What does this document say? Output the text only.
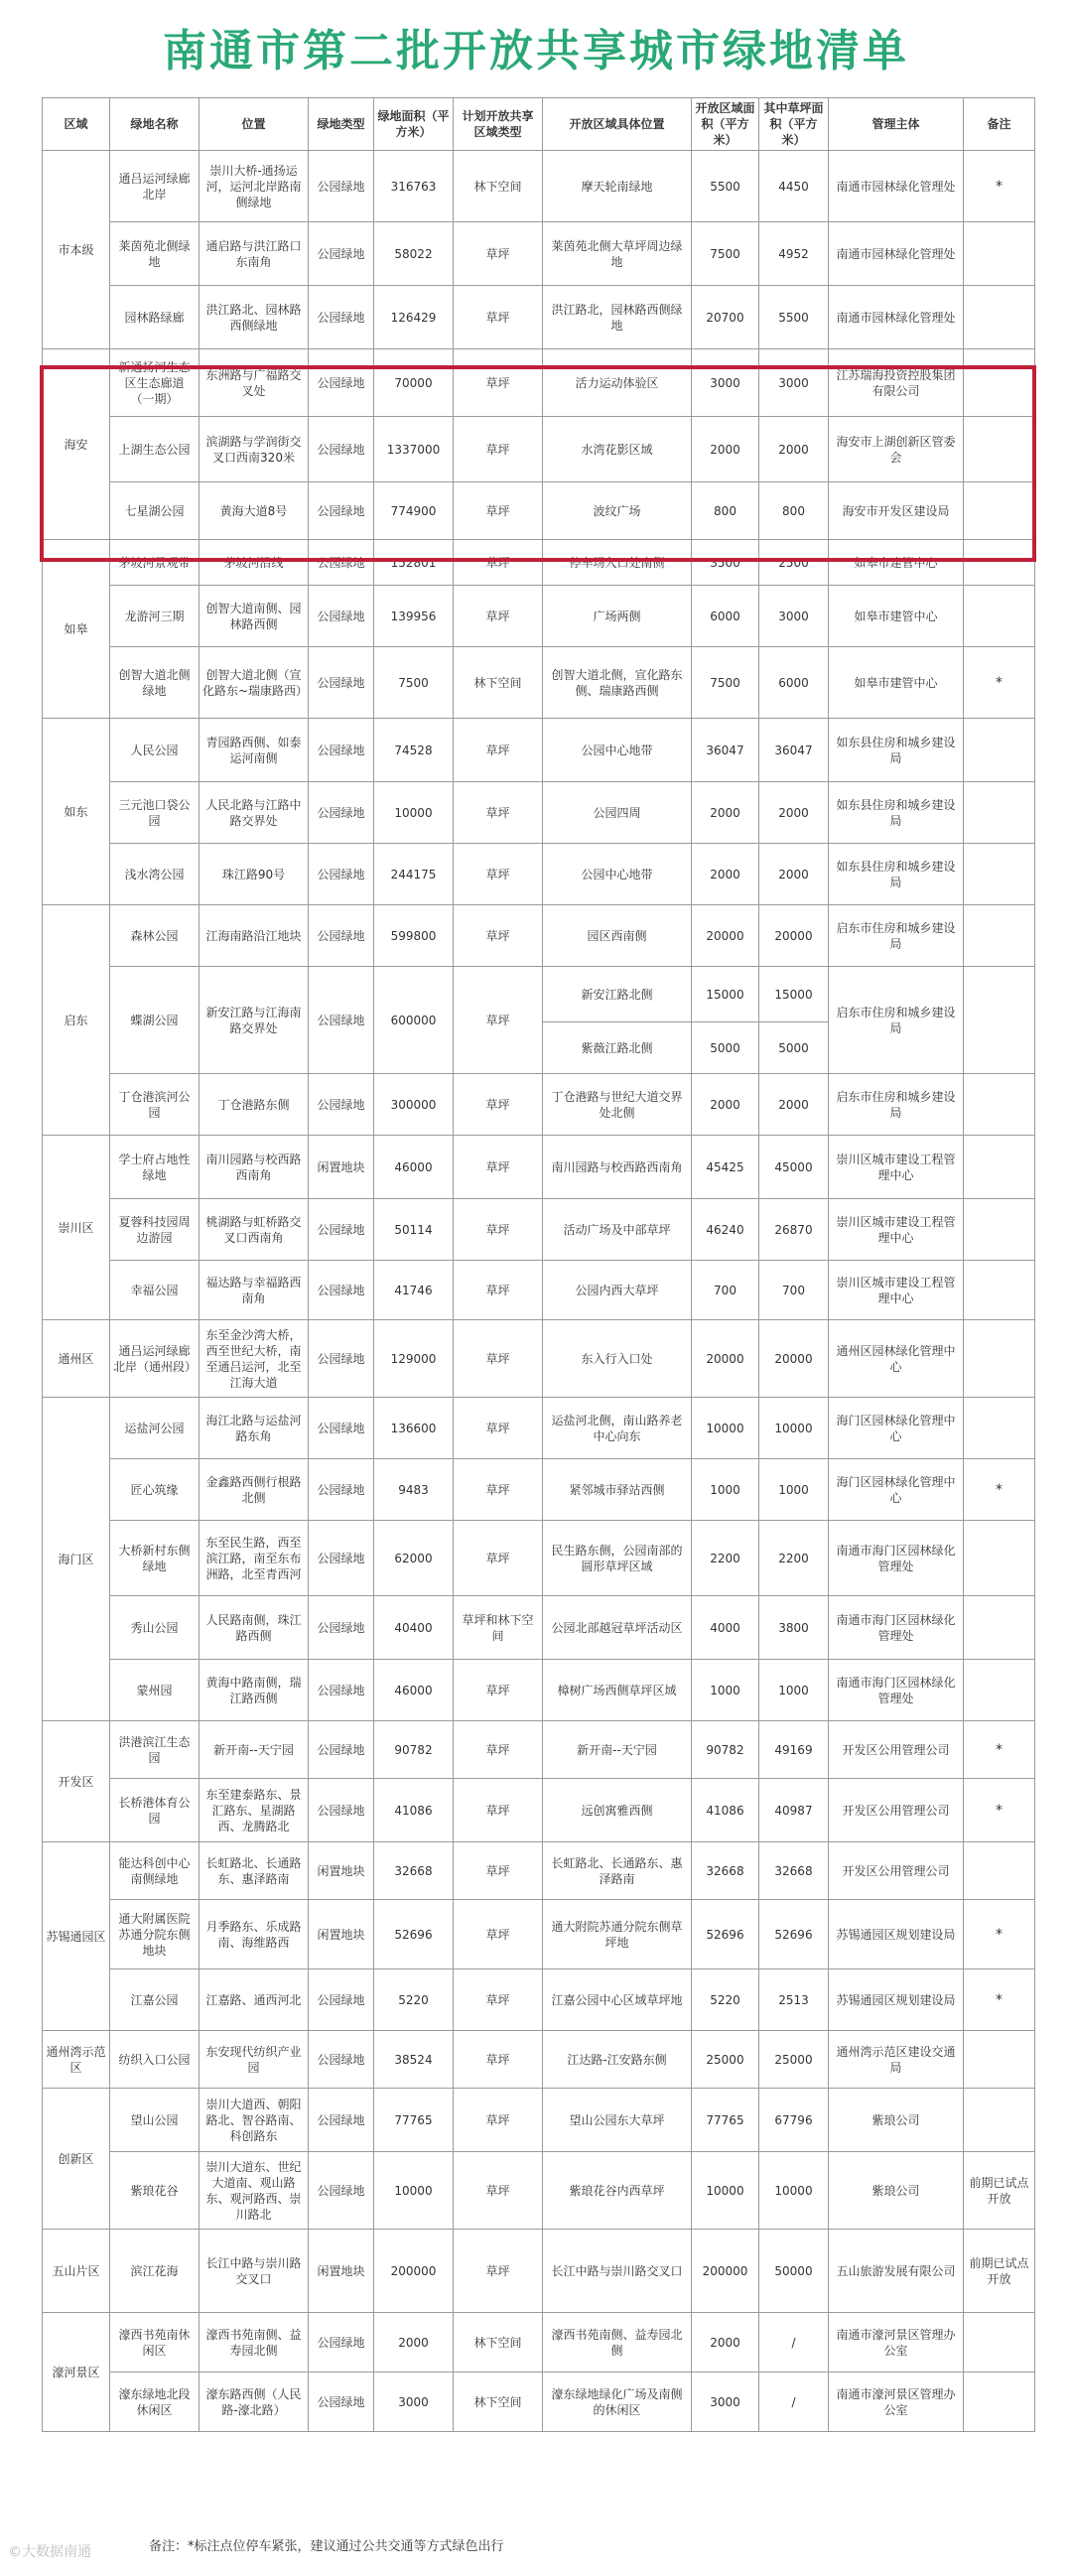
南通市第二批开放共享城市绿地清单
区域	绿地名称	位置	绿地类型	绿地面积（平方米）	计划开放共享区域类型	开放区域具体位置	开放区域面积（平方米）	其中草坪面积（平方米）	管理主体	备注
市本级	通吕运河绿廊北岸	崇川大桥-通扬运河，运河北岸路南侧绿地	公园绿地	316763	林下空间	摩天轮南绿地	5500	4450	南通市园林绿化管理处	*
	莱茵苑北侧绿地	通启路与洪江路口东南角	公园绿地	58022	草坪	莱茵苑北侧大草坪周边绿地	7500	4952	南通市园林绿化管理处	
	园林路绿廊	洪江路北、园林路西侧绿地	公园绿地	126429	草坪	洪江路北，园林路西侧绿地	20700	5500	南通市园林绿化管理处	
海安	新通扬河生态区生态廊道（一期）	东洲路与广福路交叉处	公园绿地	70000	草坪	活力运动体验区	3000	3000	江苏瑞海投资控股集团有限公司	
	上湖生态公园	滨湖路与学润街交叉口西南320米	公园绿地	1337000	草坪	水湾花影区域	2000	2000	海安市上湖创新区管委会	
	七星湖公园	黄海大道8号	公园绿地	774900	草坪	波纹广场	800	800	海安市开发区建设局	
如皋	茅坡河景观带	茅坡河沿线	公园绿地	152801	草坪	停车场入口处南侧	3500	2500	如皋市建管中心	
	龙游河三期	创智大道南侧、园林路西侧	公园绿地	139956	草坪	广场两侧	6000	3000	如皋市建管中心	
	创智大道北侧绿地	创智大道北侧（宣化路东~瑞康路西）	公园绿地	7500	林下空间	创智大道北侧，宣化路东侧、瑞康路西侧	7500	6000	如皋市建管中心	*
如东	人民公园	青园路西侧、如泰运河南侧	公园绿地	74528	草坪	公园中心地带	36047	36047	如东县住房和城乡建设局	
	三元池口袋公园	人民北路与江路中路交界处	公园绿地	10000	草坪	公园四周	2000	2000	如东县住房和城乡建设局	
	浅水湾公园	珠江路90号	公园绿地	244175	草坪	公园中心地带	2000	2000	如东县住房和城乡建设局	
启东	森林公园	江海南路沿江地块	公园绿地	599800	草坪	园区西南侧	20000	20000	启东市住房和城乡建设局	
	蝶湖公园	新安江路与江海南路交界处	公园绿地	600000	草坪	新安江路北侧	15000	15000	启东市住房和城乡建设局	
						紫薇江路北侧	5000	5000		
	丁仓港滨河公园	丁仓港路东侧	公园绿地	300000	草坪	丁仓港路与世纪大道交界处北侧	2000	2000	启东市住房和城乡建设局	
崇川区	学士府占地性绿地	南川园路与校西路西南角	闲置地块	46000	草坪	南川园路与校西路西南角	45425	45000	崇川区城市建设工程管理中心	
	夏蓉科技园周边游园	桃湖路与虹桥路交叉口西南角	公园绿地	50114	草坪	活动广场及中部草坪	46240	26870	崇川区城市建设工程管理中心	
	幸福公园	福达路与幸福路西南角	公园绿地	41746	草坪	公园内西大草坪	700	700	崇川区城市建设工程管理中心	
通州区	通吕运河绿廊北岸（通州段）	东至金沙湾大桥，西至世纪大桥，南至通吕运河，北至江海大道	公园绿地	129000	草坪	东入行入口处	20000	20000	通州区园林绿化管理中心	
海门区	运盐河公园	海江北路与运盐河路东角	公园绿地	136600	草坪	运盐河北侧，南山路养老中心向东	10000	10000	海门区园林绿化管理中心	
	匠心筑缘	金鑫路西侧行根路北侧	公园绿地	9483	草坪	紧邻城市驿站西侧	1000	1000	海门区园林绿化管理中心	*
	大桥新村东侧绿地	东至民生路，西至滨江路，南至东布洲路，北至青西河	公园绿地	62000	草坪	民生路东侧，公园南部的圆形草坪区域	2200	2200	南通市海门区园林绿化管理处	
	秀山公园	人民路南侧，珠江路西侧	公园绿地	40400	草坪和林下空间	公园北部越冠草坪活动区	4000	3800	南通市海门区园林绿化管理处	
	蒙州园	黄海中路南侧，瑞江路西侧	公园绿地	46000	草坪	樟树广场西侧草坪区域	1000	1000	南通市海门区园林绿化管理处	
开发区	洪港滨江生态园	新开南--天宁园	公园绿地	90782	草坪	新开南--天宁园	90782	49169	开发区公用管理公司	*
	长桥港体育公园	东至建泰路东、景汇路东、星湖路西、龙腾路北	公园绿地	41086	草坪	远创寓雅西侧	41086	40987	开发区公用管理公司	*
苏锡通园区	能达科创中心南侧绿地	长虹路北、长通路东、惠泽路南	闲置地块	32668	草坪	长虹路北、长通路东、惠泽路南	32668	32668	开发区公用管理公司	
	通大附属医院苏通分院东侧地块	月季路东、乐成路南、海维路西	闲置地块	52696	草坪	通大附院苏通分院东侧草坪地	52696	52696	苏锡通园区规划建设局	*
	江嘉公园	江嘉路、通西河北	公园绿地	5220	草坪	江嘉公园中心区域草坪地	5220	2513	苏锡通园区规划建设局	*
通州湾示范区	纺织入口公园	东安现代纺织产业园	公园绿地	38524	草坪	江达路-江安路东侧	25000	25000	通州湾示范区建设交通局	
创新区	望山公园	崇川大道西、朝阳路北、智谷路南、科创路东	公园绿地	77765	草坪	望山公园东大草坪	77765	67796	紫琅公司	
	紫琅花谷	崇川大道东、世纪大道南、观山路东、观河路西、崇川路北	公园绿地	10000	草坪	紫琅花谷内西草坪	10000	10000	紫琅公司	前期已试点开放
五山片区	滨江花海	长江中路与崇川路交叉口	闲置地块	200000	草坪	长江中路与崇川路交叉口	200000	50000	五山旅游发展有限公司	前期已试点开放
濠河景区	濠西书苑南休闲区	濠西书苑南侧、益寿园北侧	公园绿地	2000	林下空间	濠西书苑南侧、益寿园北侧	2000	/	南通市濠河景区管理办公室	
	濠东绿地北段休闲区	濠东路西侧（人民路-濠北路）	公园绿地	3000	林下空间	濠东绿地绿化广场及南侧的休闲区	3000	/	南通市濠河景区管理办公室	
备注：*标注点位停车紧张，建议通过公共交通等方式绿色出行
©大数据南通
